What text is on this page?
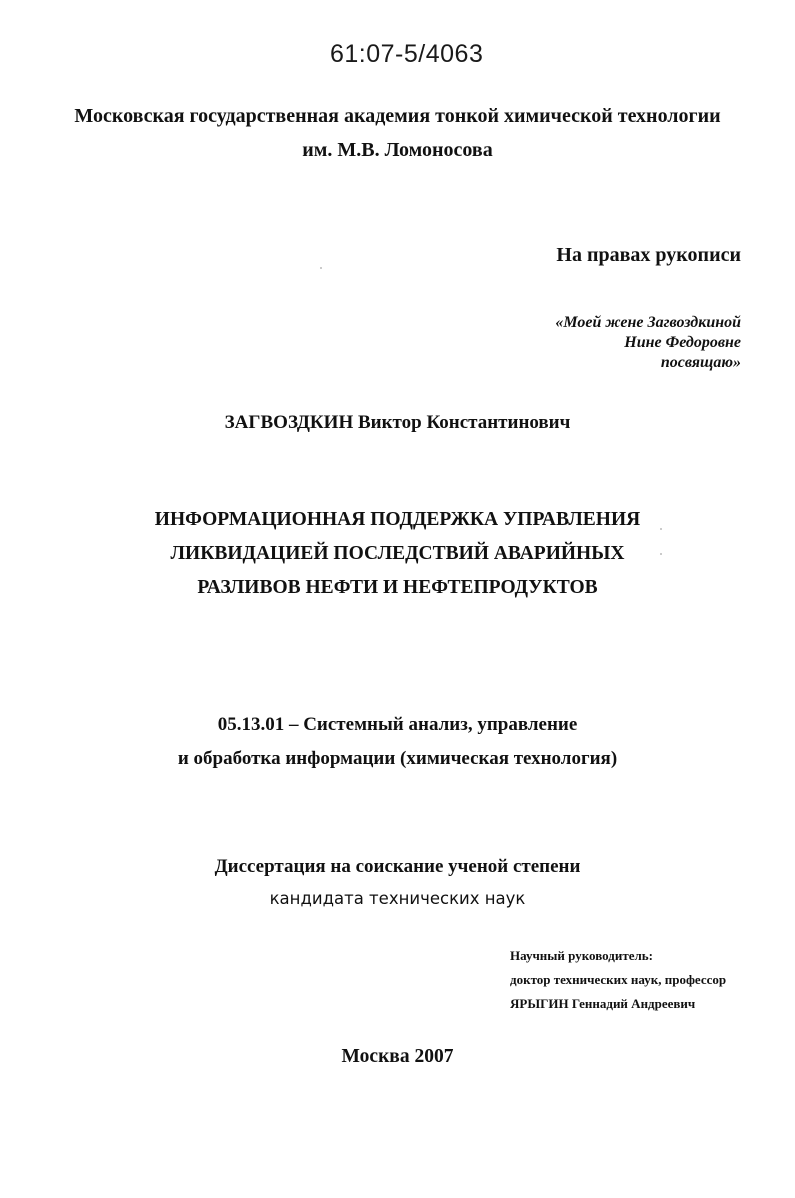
61:07-5/4063
Московская государственная академия тонкой химической технологии
им. М.В. Ломоносова
На правах рукописи
«Моей жене Загвоздкиной
Нине Федоровне
посвящаю»
ЗАГВОЗДКИН Виктор Константинович
ИНФОРМАЦИОННАЯ ПОДДЕРЖКА УПРАВЛЕНИЯ
ЛИКВИДАЦИЕЙ ПОСЛЕДСТВИЙ АВАРИЙНЫХ
РАЗЛИВОВ НЕФТИ И НЕФТЕПРОДУКТОВ
05.13.01 – Системный анализ, управление
и обработка информации (химическая технология)
Диссертация на соискание ученой степени
кандидата технических наук
Научный руководитель:
доктор технических наук, профессор
ЯРЫГИН Геннадий Андреевич
Москва 2007
